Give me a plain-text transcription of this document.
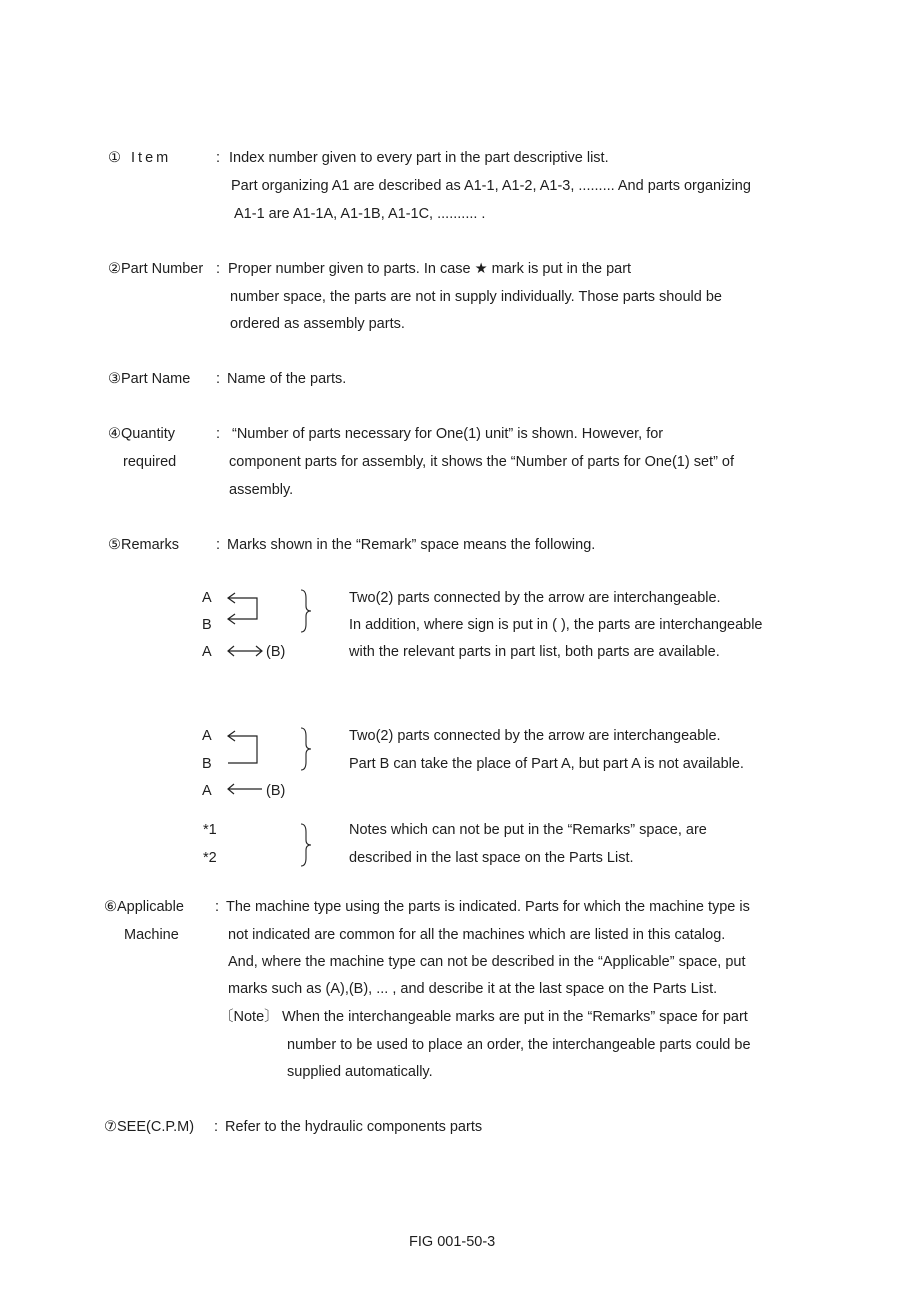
① Item	: Index number given to every part in the part descriptive list.
Part organizing A1 are described as A1-1, A1-2, A1-3, ......... And parts organizing
A1-1 are A1-1A, A1-1B, A1-1C, .......... .
②Part Number : Proper number given to parts. In case ★ mark is put in the part
number space, the parts are not in supply individually. Those parts should be
ordered as assembly parts.
③Part Name : Name of the parts.
④Quantity
required
: “Number of parts necessary for One(1) unit” is shown. However, for
component parts for assembly, it shows the “Number of parts for One(1) set” of
assembly.
⑤Remarks	: Marks shown in the “Remark” space means the following.
A
B
A	(B)
Two(2) parts connected by the arrow are interchangeable.
In addition, where sign is put in ( ), the parts are interchangeable
with the relevant parts in part list, both parts are available.
A
B
A	(B)
Two(2) parts connected by the arrow are interchangeable.
Part B can take the place of Part A, but part A is not available.
*1
*2
Notes which can not be put in the “Remarks” space, are
described in the last space on the Parts List.
⑥Applicable
Machine
: The machine type using the parts is indicated. Parts for which the machine type is
not indicated are common for all the machines which are listed in this catalog.
And, where the machine type can not be described in the “Applicable” space, put
marks such as (A),(B), ... , and describe it at the last space on the Parts List.
〔Note〕 When the interchangeable marks are put in the “Remarks” space for part
number to be used to place an order, the interchangeable parts could be
supplied automatically.
⑦SEE(C.P.M) : Refer to the hydraulic components parts
FIG 001-50-3
